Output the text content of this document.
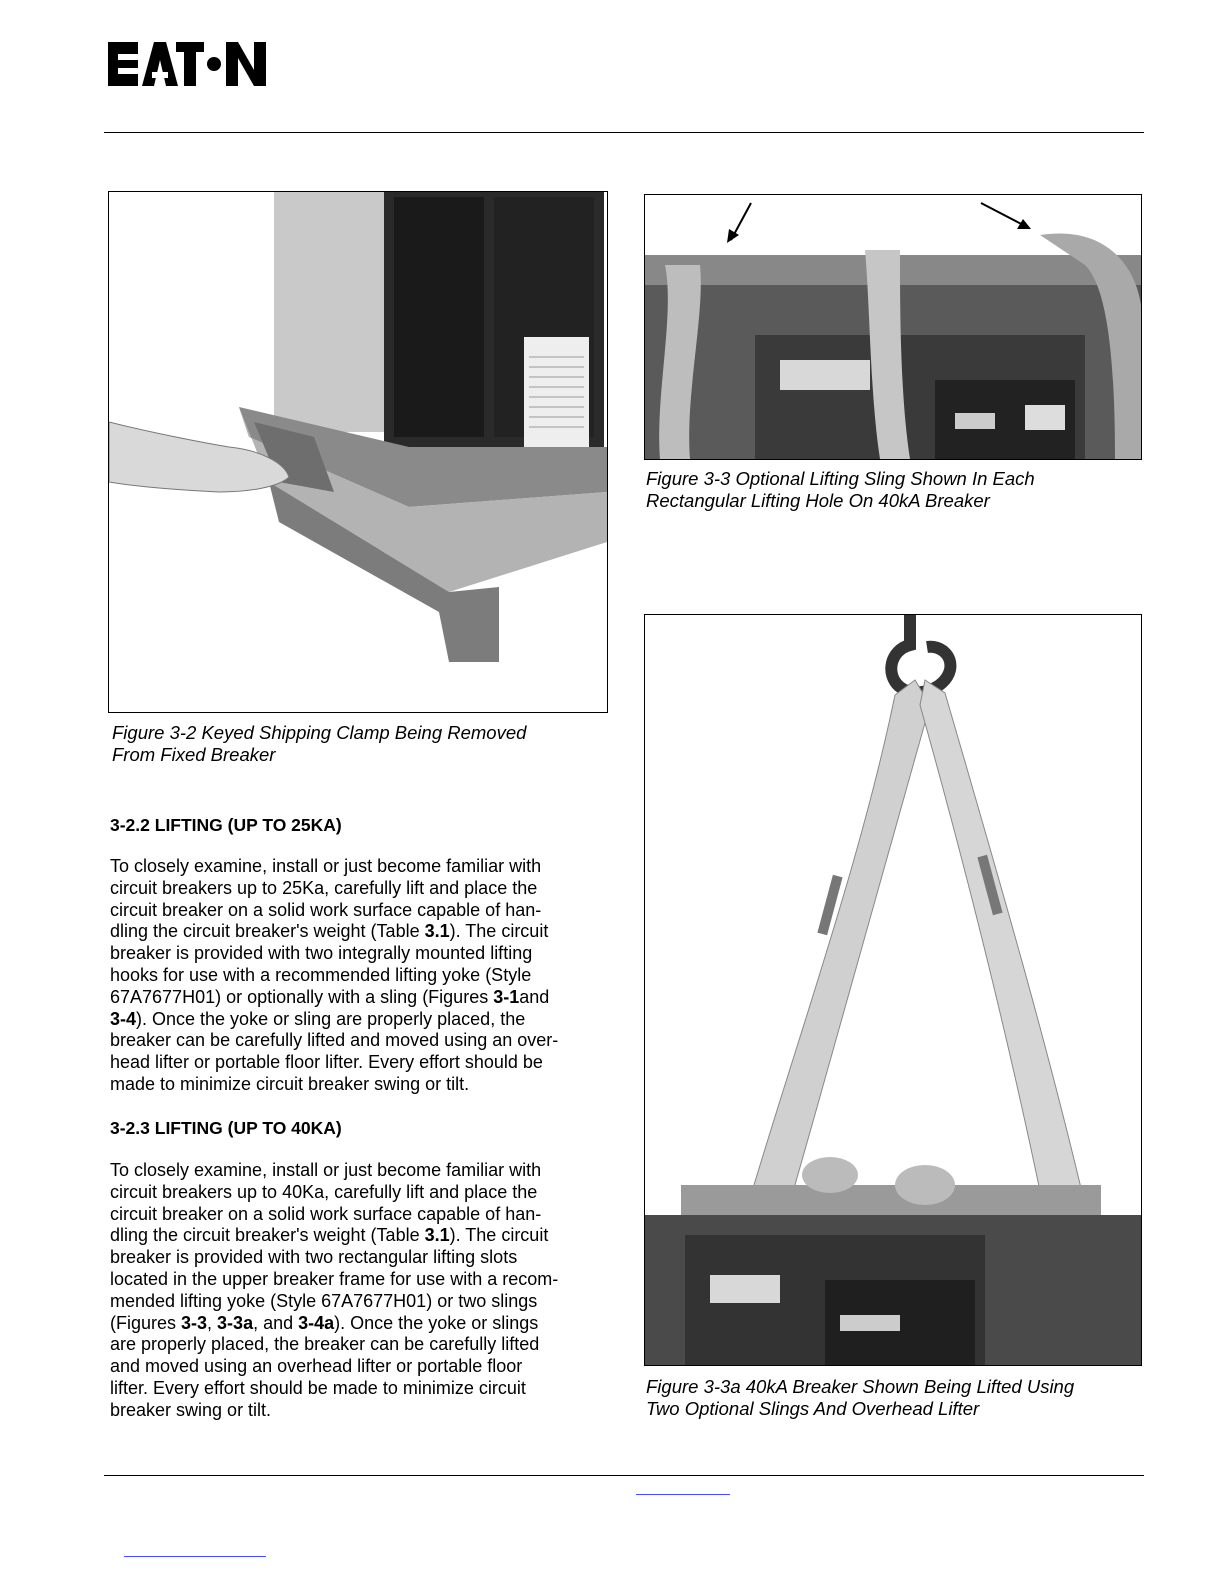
Figure 3-2 Keyed Shipping Clamp Being Removed
From Fixed Breaker
Figure 3-3 Optional Lifting Sling Shown In Each
Rectangular Lifting Hole On 40kA Breaker
Figure 3-3a 40kA Breaker Shown Being Lifted Using
Two Optional Slings And Overhead Lifter
3-2.2 LIFTING (UP TO 25KA)
To closely examine, install or just become familiar with
circuit breakers up to 25Ka, carefully lift and place the
circuit breaker on a solid work surface capable of han-
dling the circuit breaker's weight (Table 3.1). The circuit
breaker is provided with two integrally mounted lifting
hooks for use with a recommended lifting yoke (Style
67A7677H01) or optionally with a sling (Figures 3-1and
3-4). Once the yoke or sling are properly placed, the
breaker can be carefully lifted and moved using an over-
head lifter or portable floor lifter. Every effort should be
made to minimize circuit breaker swing or tilt.
3-2.3 LIFTING (UP TO 40KA)
To closely examine, install or just become familiar with
circuit breakers up to 40Ka, carefully lift and place the
circuit breaker on a solid work surface capable of han-
dling the circuit breaker's weight (Table 3.1). The circuit
breaker is provided with two rectangular lifting slots
located in the upper breaker frame for use with a recom-
mended lifting yoke (Style 67A7677H01) or two slings
(Figures 3-3, 3-3a, and 3-4a). Once the yoke or slings
are properly placed, the breaker can be carefully lifted
and moved using an overhead lifter or portable floor
lifter. Every effort should be made to minimize circuit
breaker swing or tilt.
